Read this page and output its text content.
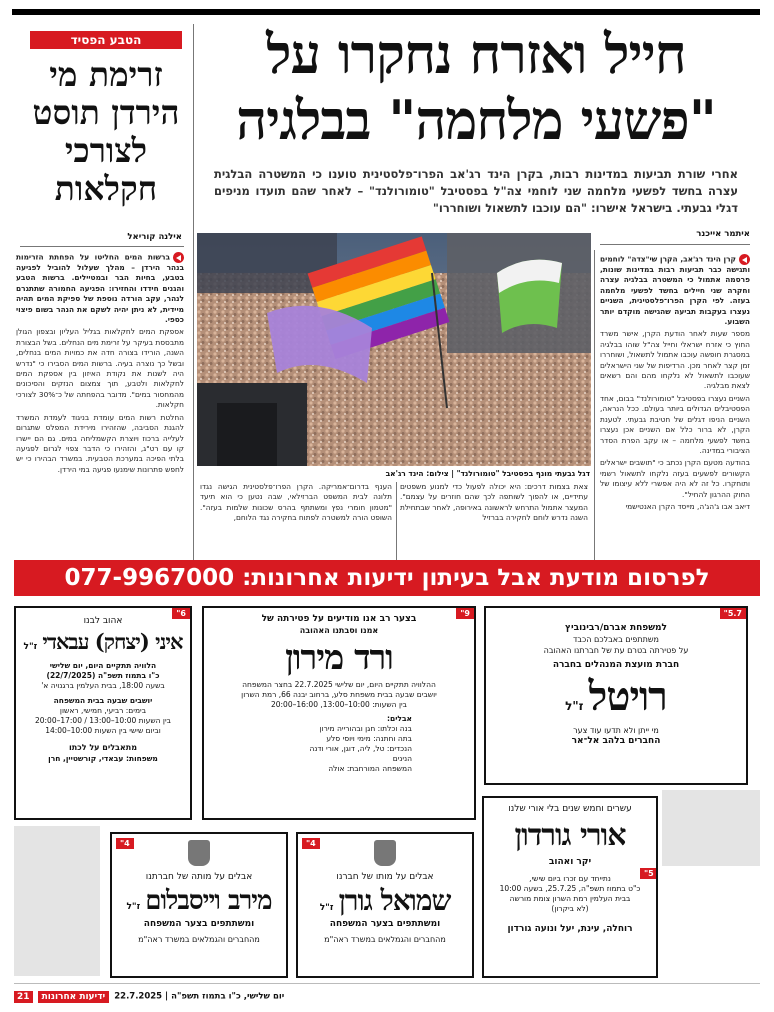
הטבע הפסיד
זרימת מי הירדן תוסט לצורכי חקלאות
אילנה קוריאל

ברשות המים החליטו על הפחתת הזרימות בנהר הירדן – מהלך שעלול להוביל לפגיעה בטבע, בחיות הבר ובמטיילים. ברשות הטבע והגנים חידדו והחזירו: הפגיעה החמורה שתתגרם לנהר, עקב הורדה נוספת של ספיקת המים תהיה מיידית, לא ניתן יהיה לשקם את הנהר בשום פיצוי כספי.

אספקת המים לחקלאות בגליל העליון ובצפון הגולן מתבססת בעיקר על זרימת מים הנחלים. בשל הבצורת השנה, הורידו בצורה חדה את כמויות המים בנחלים, ובשל כך נוצרה בעיה. ברשות המים הסבירו כי "נדרש היה לשנות את נקודת האיזון בין אספקת המים לחקלאות ולטבע, תוך צמצום הנזקים והסיכונים מהמחסור במים". מדובר בהפחתה של כ־30% לצורכי חקלאות.

החלטת רשות המים עומדת בניגוד לעמדת המשרד להגנת הסביבה, שהזהירו מירידת המפלס שתגרום לעלייה ברכוז ויוצרת הקשמליחה במים. גם הם יישרו קו עם רט"ג, והזהירו כי הדבר צפוי לגרום לפגיעה בלתי הפיכה במערכת הטבעית. במשרד הבהירו כי יש לחפש פתרונות שימנעו פגיעה במי הירדן.

חייל ואזרח נחקרו על
"פשעי מלחמה" בבלגיה
אחרי שורת תביעות במדינות רבות, בקרן הינד רג'אב הפרו־פלסטינית טוענו כי המשטרה הבלגית עצרה בחשד לפשעי מלחמה שני לוחמי צה"ל בפסטיבל "טומורולנד" – לאחר שהם תועדו מניפים דגלי גבעתי. בישראל אישרו: "הם עוכבו לתשאול ושוחררו"
איתמר אייכנר

קרן הינד רג'אב, הקרן שי"צדה" לוחמים ותגישה כבר תביעות רבות במדינות שונות, פרסמה אתמול כי המשטרה בבלגיה עצרה וחקרה שני חיילים בחשד לפשעי מלחמה בעזה. לפי הקרן הפרו־פלסטינית, השניים נעצרו בעקבות תביעה שהגישה מוקדם יותר השבוע.

מספר שעות לאחר הודעת הקרן, אישר משרד החוץ כי אזרח ישראלי וחייל צה"ל שוהו בבלגיה במסגרת חופשה עוכבו אתמול לתשאול, ושוחררו זמן קצר לאחר מכן. הרדיפות של שני הישראלים שעוכבו לתשאול לא נלקחו מהם והם רשאים לצאת מבלגיה.

השניים נעצרו בפסטיבל "טומורולנד" בבום, אחד הפסטיבלים הגדולים ביותר בעולם. ככל הנראה, השניים הניפו דגלים של חטיבת גבעתי. לטענת הקרן, לא ברור כלל אם השניים אכן נעצרו בחשד לפשעי מלחמה – או עקב הפרת הסדר הציבורי במדינה.

בהודעה מטעם הקרן נכתב כי "תושבים ישראלים הקשורים לפשעים בעזה נלקחו לתשאול רשמי ותוחקרו. כל זה לא היה אפשרי ללא עיצומו של החוק ההרגון להחיל".

דיאב אבו ג'הג'ה, מייסד הקרן האנטישמי

דגל גבעתי מונף בפסטיבל "טומורולנד" | צילום: הינד רג'אב
צאת בצמות דרכים: היא יכולה לפעול כדי למנוע משפטים עתידיים, או להפוך לשותפה לכך שהם חוזרים על עצמם". המעצר אתמול התרחש לראשונה באירופה, לאחר שבתחילת השנה נדרש לוחם לחקירה בברזיל
הענף בדרום־אמריקה. הקרן הפרו־פלסטינית הגישה נגדו תלונה לבית המשפט הברזילאי, שבה נטען כי הוא תיעד "מטמון חומרי נפץ ומשתתף בהרס שכונות שלמות בעזה". השופט הורה למשטרה לפתוח בחקירה נגד הלוחם,
לפרסום מודעת אבל בעיתון ידיעות אחרונות: 077-9967000
5.7"
למשפחת אברם/רבינוביץ
משתתפים באבלכם הכבד
על פטירתה בטרם עת של חברתנו האהובה
חברת מועצת המנהלים בחברה
רויטל ז"ל
מי ייתן ולא תדעו עוד צער
החברים בלהב אל־אר
9"
בצער רב אנו מודיעים על פטירתה של
אמנו וסבתנו האהובה
ורד מירון
ההלוויה תתקיים היום, יום שלישי 22.7.2025 בחצר המשפחה
יושבים שבעה בבית משפחת סלע, ברחוב יבנה 66, רמת השרון
בין השעות: 10:00–13:00, 16:00–20:00
אבלים:
בנה וכלתו: חגן ובהורייה מירון
בתה וחתנה: מימי ויוסי סלע
הנכדים: טל, ליה, דוגן, אורי ודנה
הנינים
המשפחה המורחבת: אולה
6"
אהוב לבנו
איני (יצחק) עבאדי ז"ל
הלוויה תתקיים היום, יום שלישי
כ"ו בתמוז תשפ"ה (22/7/2025)
בשעה 18:00, בבית העלמין ברגנויה א'
יושבים שבעה בבית המשפחה
בימים: רביעי, חמישי, ראשון
בין השעות 10:00–13:00 / 17:00–20:00
וביום שישי בין השעות 10:00–14:00
מתאבלים על לכתו
משפחות: עבאדי, קורשטיין, חרן
5"
עשרים וחמש שנים בלי אורי שלנו
אורי גורדון
יקר ואהוב
נתייחד עם זכרו ביום שישי,
כ"ט בתמוז תשפ"ה, 25.7.25, בשעה 10:00
בבית העלמין רמת השרון צומת מורשה
(לא ביקרון)
רוחלה, עינת, יעל ונועה גורדון
4"
אבלים על מותו של חברנו
שמואל גורן ז"ל
ומשתתפים בצער המשפחה
מהחברים והגמלאים במשרד ראה"מ
4"
אבלים על מותה של חברתנו
מירב וייסבלום ז"ל
ומשתתפים בצער המשפחה
מהחברים והגמלאים במשרד ראה"מ
21 ידיעות אחרונות יום שלישי, כ"ו בתמוז תשפ"ה | 22.7.2025
